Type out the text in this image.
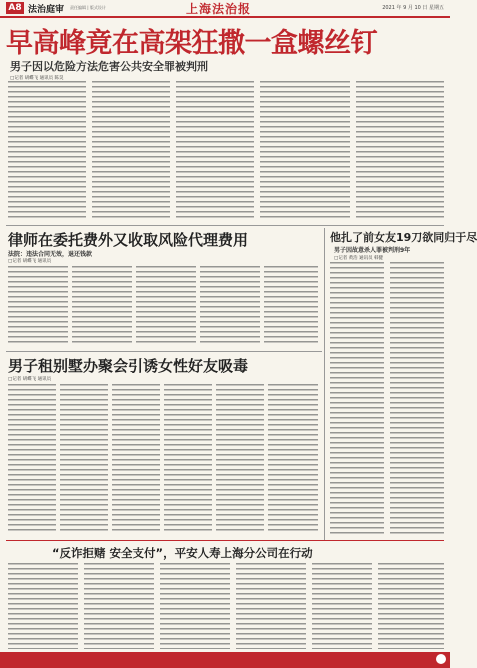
A8 法治庭审 责任编辑 | 版式设计	上海法治报	2021 年 9 月 10 日 星期五
早高峰竟在高架狂撒一盒螺丝钉
男子因以危险方法危害公共安全罪被判刑
□记者 胡蝶飞 通讯员 陈昊
律师在委托费外又收取风险代理费用
法院：违法合同无效，退还钱款
□记者 胡蝶飞 通讯员
他扎了前女友19刀欲同归于尽
男子因故意杀人罪被判刑9年
□记者 黄浩 通讯员 韩健
男子租别墅办聚会引诱女性好友吸毒
□记者 胡蝶飞 通讯员
“反诈拒赌 安全支付”，平安人寿上海分公司在行动
